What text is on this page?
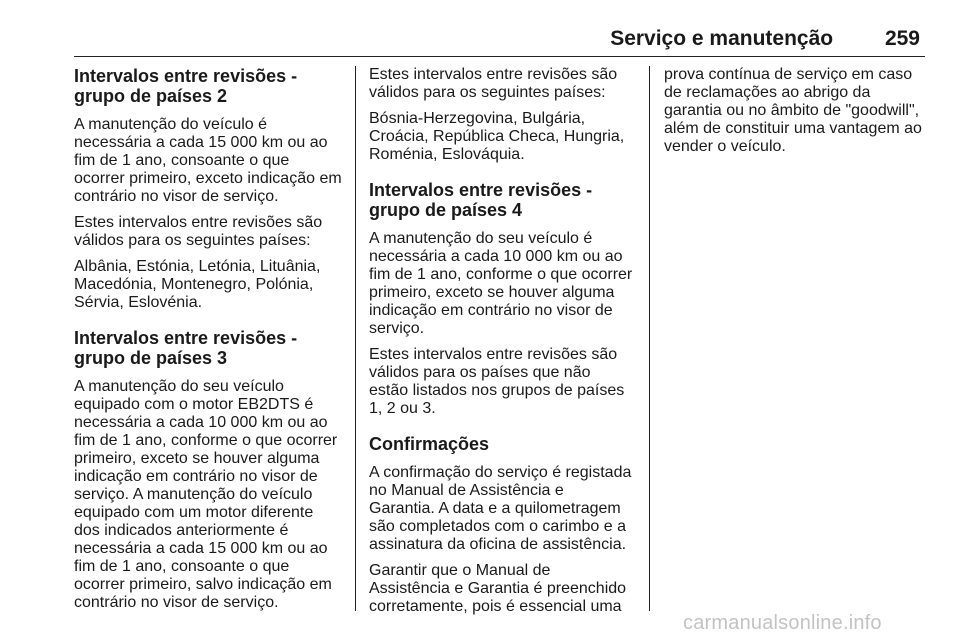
Serviço e manutenção 259
Intervalos entre revisões - grupo de países 2

A manutenção do veículo é necessária a cada 15 000 km ou ao fim de 1 ano, consoante o que ocorrer primeiro, exceto indicação em contrário no visor de serviço.

Estes intervalos entre revisões são válidos para os seguintes países:

Albânia, Estónia, Letónia, Lituânia, Macedónia, Montenegro, Polónia, Sérvia, Eslovénia.

Intervalos entre revisões - grupo de países 3

A manutenção do seu veículo equipado com o motor EB2DTS é necessária a cada 10 000 km ou ao fim de 1 ano, conforme o que ocorrer primeiro, exceto se houver alguma indicação em contrário no visor de serviço. A manutenção do veículo equipado com um motor diferente dos indicados anteriormente é necessária a cada 15 000 km ou ao fim de 1 ano, consoante o que ocorrer primeiro, salvo indicação em contrário no visor de serviço.

Estes intervalos entre revisões são válidos para os seguintes países:

Bósnia-Herzegovina, Bulgária, Croácia, República Checa, Hungria, Roménia, Eslováquia.

Intervalos entre revisões - grupo de países 4

A manutenção do seu veículo é necessária a cada 10 000 km ou ao fim de 1 ano, conforme o que ocorrer primeiro, exceto se houver alguma indicação em contrário no visor de serviço.

Estes intervalos entre revisões são válidos para os países que não estão listados nos grupos de países 1, 2 ou 3.

Confirmações

A confirmação do serviço é registada no Manual de Assistência e Garantia. A data e a quilometragem são completados com o carimbo e a assinatura da oficina de assistência.

Garantir que o Manual de Assistência e Garantia é preenchido corretamente, pois é essencial uma

prova contínua de serviço em caso de reclamações ao abrigo da garantia ou no âmbito de "goodwill", além de constituir uma vantagem ao vender o veículo.

carmanualsonline.info
